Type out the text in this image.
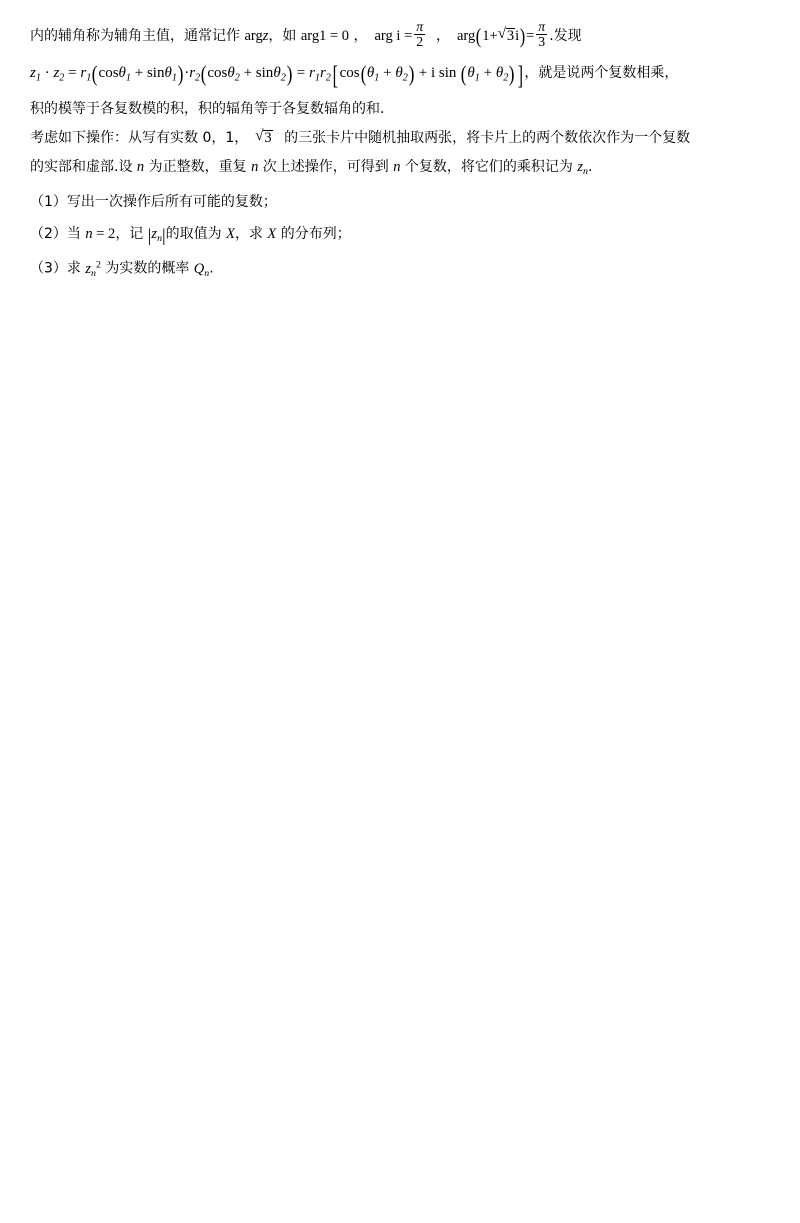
内的辅角称为辅角主值，通常记作 argz，如 arg1 = 0 ， arg $i = \frac{\pi}{2}$ ， arg(1+ √ $3i)= \frac{\pi}{3}$ .发现
$z_1 \cdot z_2 = r_1(\cos\theta_1 + \sin\theta_1)\cdot r_2(\cos\theta_2 + \sin\theta_2) = r_1r_2$[ $\cos(\theta_1 + \theta_2) + i$ $\sin (\theta_1 + \theta_2)$] ，就是说两个复数相乘，
积的模等于各复数模的积，积的辐角等于各复数辐角的和.
考虑如下操作：从写有实数 0，1， √ 3 的三张卡片中随机抽取两张，将卡片上的两个数依次作为一个复数
的实部和虚部.设 n 为正整数，重复 n 次上述操作，可得到 n 个复数，将它们的乘积记为 $z_n$.
（1）写出一次操作后所有可能的复数；
（2）当 n = 2，记 $|z_n|$的取值为 X，求 X 的分布列；
（3）求 $z_n^2$ 为实数的概率 $Q_n$.
